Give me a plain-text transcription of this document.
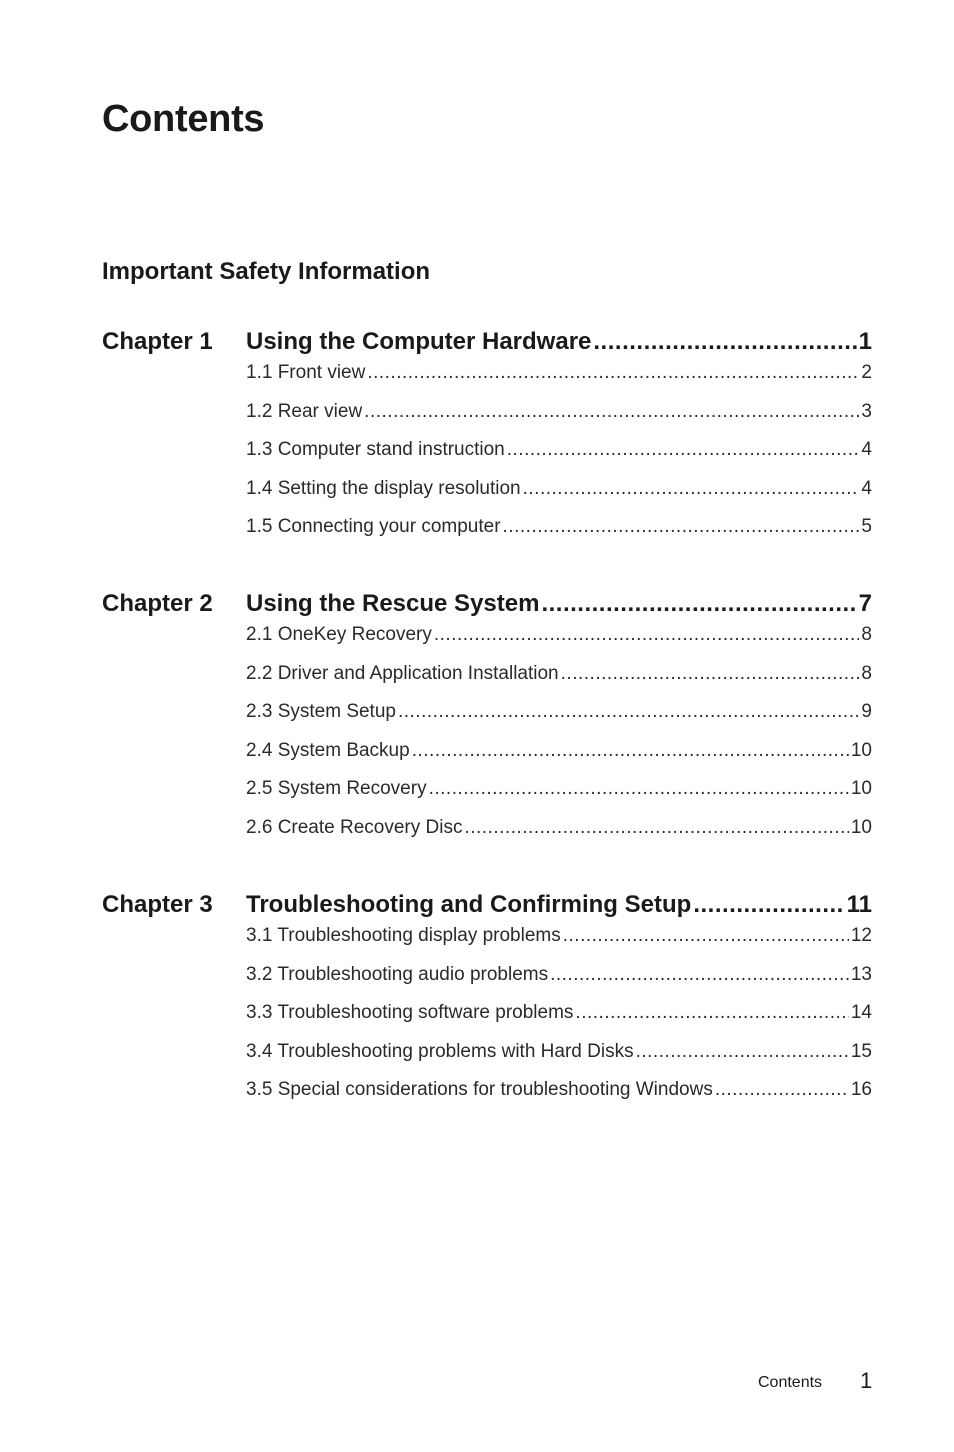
Contents
Important Safety Information
Chapter 1 Using the Computer Hardware .....	1
1.1 Front view .....	2
1.2 Rear view .....	3
1.3 Computer stand instruction .....	4
1.4 Setting the display resolution .....	4
1.5 Connecting your computer .....	5
Chapter 2 Using the Rescue System .....	7
2.1 OneKey Recovery .....	8
2.2 Driver and Application Installation .....	8
2.3 System Setup .....	9
2.4 System Backup .....	10
2.5 System Recovery .....	10
2.6 Create Recovery Disc .....	10
Chapter 3 Troubleshooting and Confirming Setup .....	11
3.1 Troubleshooting display problems .....	12
3.2 Troubleshooting audio problems .....	13
3.3 Troubleshooting software problems .....	14
3.4 Troubleshooting problems with Hard Disks .....	15
3.5 Special considerations for troubleshooting Windows .....	16
Contents 1
